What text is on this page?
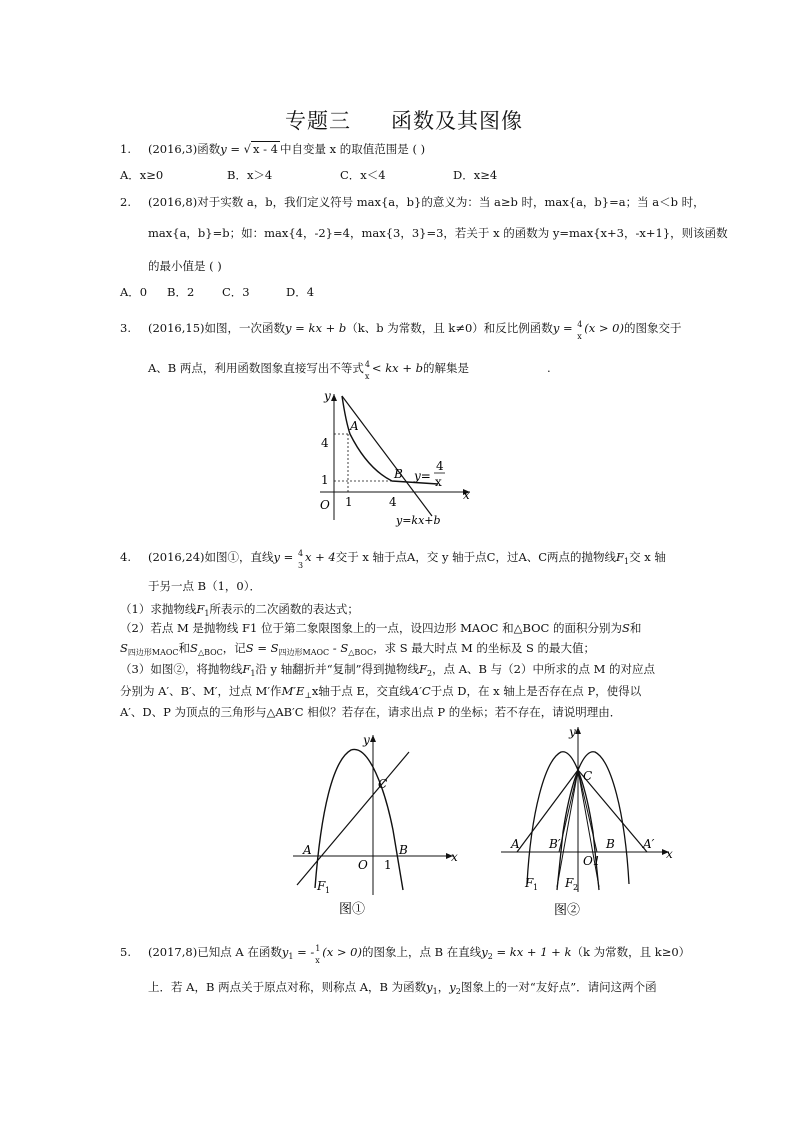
专题三 函数及其图像
1. (2016,3)函数y = √ x - 4 中自变量 x 的取值范围是 ( )
A．x≥0	B．x＞4	C．x＜4	D．x≥4
2. (2016,8)对于实数 a，b，我们定义符号 max{a，b}的意义为：当 a≥b 时，max{a，b}=a；当 a＜b 时，
max{a，b}=b；如：max{4，-2}=4，max{3，3}=3，若关于 x 的函数为 y=max{x+3，-x+1}，则该函数
的最小值是 ( )
A．0 B．2 C．3	D．4
3. (2016,15)如图，一次函数y = kx + b（k、b 为常数，且 k≠0）和反比例函数y = 4
x
(x > 0)的图象交于
A、B 两点，利用函数图象直接写出不等式 4
x
< kx + b的解集是	.
y
x
O
A
B
4
1
1	4
y=
4
x
y=kx+b
4. (2016,24)如图①，直线y = 4
3
x + 4交于 x 轴于点A，交 y 轴于点C，过A、C两点的抛物线$F_1$交 x 轴
于另一点 B（1，0）．
（1）求抛物线$F_1$所表示的二次函数的表达式；
（2）若点 M 是抛物线 F1 位于第二象限图象上的一点，设四边形 MAOC 和△BOC 的面积分别为S和
$S_{四边形MAOC}$和$S_{\triangle BOC}$，记$S = S_{四边形MAOC} - S_{\triangle BOC}$，求 S 最大时点 M 的坐标及 S 的最大值；
（3）如图②，将抛物线$F_1$沿 y 轴翻折并“复制”得到抛物线$F_2$，点 A、B 与（2）中所求的点 M 的对应点
分别为 A′、B′、M′，过点 M′作$M'E_\perp x$轴于点 E，交直线A′C于点 D，在 x 轴上是否存在点 P，使得以
A′、D、P 为顶点的三角形与△AB′C 相似？若存在，请求出点 P 的坐标；若不存在，请说明理由．
y
x
C
A
O
B
1
F 1
图①
y
x
C
A B′
O1
B A′
F 1 F 2
图②
5. (2017,8)已知点 A 在函数$y_1$ = - 1
x
(x > 0)的图象上，点 B 在直线$y_2$ = kx + 1 + k（k 为常数，且 k≥0）
上．若 A，B 两点关于原点对称，则称点 A，B 为函数$y_1$，$y_2$图象上的一对“友好点”．请问这两个函
